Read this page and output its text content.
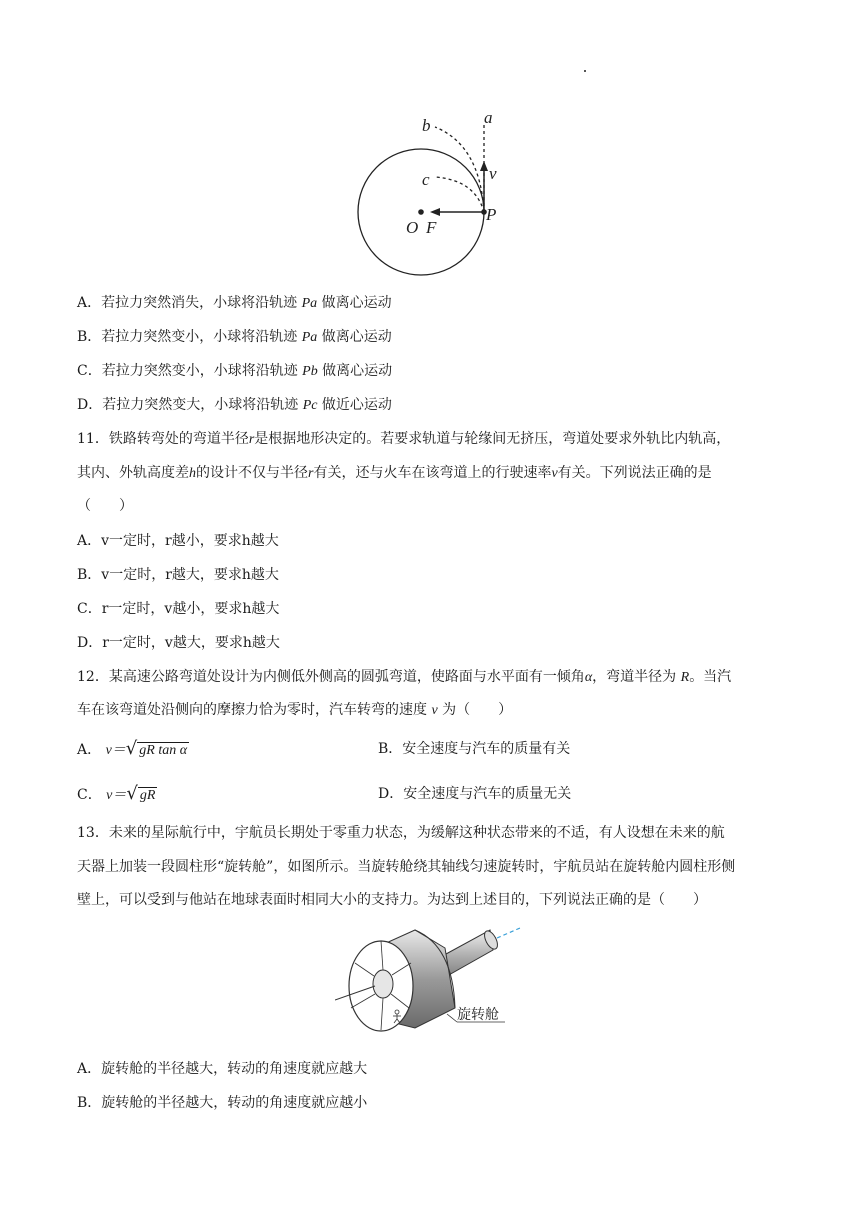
a
b
c	v
O F
P
A．若拉力突然消失，小球将沿轨迹 Pa 做离心运动
B．若拉力突然变小，小球将沿轨迹 Pa 做离心运动
C．若拉力突然变小，小球将沿轨迹 Pb 做离心运动
D．若拉力突然变大，小球将沿轨迹 Pc 做近心运动
11．铁路转弯处的弯道半径r是根据地形决定的。若要求轨道与轮缘间无挤压，弯道处要求外轨比内轨高，
其内、外轨高度差h的设计不仅与半径r有关，还与火车在该弯道上的行驶速率v有关。下列说法正确的是
（　　）
A．v一定时，r越小，要求h越大
B．v一定时，r越大，要求h越大
C．r一定时，v越小，要求h越大
D．r一定时，v越大，要求h越大
12．某高速公路弯道处设计为内侧低外侧高的圆弧弯道，使路面与水平面有一倾角α，弯道半径为 R。当汽
车在该弯道处沿侧向的摩擦力恰为零时，汽车转弯的速度 v 为（　　）
A． v＝√ gR tan α	B．安全速度与汽车的质量有关
C． v＝√ gR	D．安全速度与汽车的质量无关
13．未来的星际航行中，宇航员长期处于零重力状态，为缓解这种状态带来的不适，有人设想在未来的航
天器上加装一段圆柱形“旋转舱”，如图所示。当旋转舱绕其轴线匀速旋转时，宇航员站在旋转舱内圆柱形侧
壁上，可以受到与他站在地球表面时相同大小的支持力。为达到上述目的，下列说法正确的是（　　）
旋转舱
A．旋转舱的半径越大，转动的角速度就应越大
B．旋转舱的半径越大，转动的角速度就应越小
